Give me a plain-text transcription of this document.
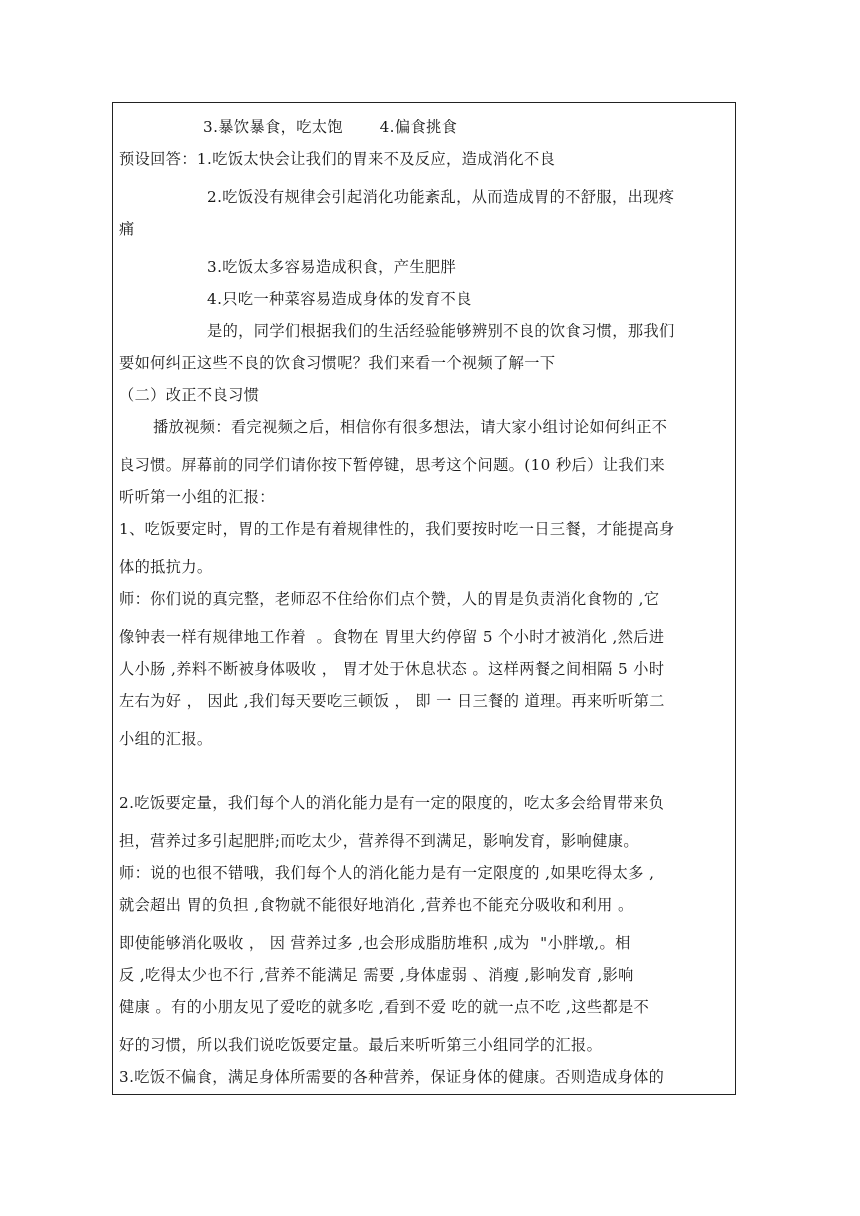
3.暴饮暴食，吃太饱       4.偏食挑食
预设回答：1.吃饭太快会让我们的胃来不及反应，造成消化不良
2.吃饭没有规律会引起消化功能紊乱，从而造成胃的不舒服，出现疼
痛
3.吃饭太多容易造成积食，产生肥胖
4.只吃一种菜容易造成身体的发育不良
是的，同学们根据我们的生活经验能够辨别不良的饮食习惯，那我们
要如何纠正这些不良的饮食习惯呢？我们来看一个视频了解一下
（二）改正不良习惯
播放视频：看完视频之后，相信你有很多想法，请大家小组讨论如何纠正不
良习惯。屏幕前的同学们请你按下暂停键，思考这个问题。(10 秒后）让我们来
听听第一小组的汇报：
1、吃饭要定时，胃的工作是有着规律性的，我们要按时吃一日三餐，才能提高身
体的抵抗力。
师：你们说的真完整，老师忍不住给你们点个赞，人的胃是负责消化食物的 ,它
像钟表一样有规律地工作着  。食物在 胃里大约停留 5 个小时才被消化 ,然后进
人小肠 ,养料不断被身体吸收 ， 胃才处于休息状态 。这样两餐之间相隔 5 小时
左右为好 ， 因此 ,我们每天要吃三顿饭 ， 即 一 日三餐的 道理。再来听听第二
小组的汇报。
2.吃饭要定量，我们每个人的消化能力是有一定的限度的，吃太多会给胃带来负
担，营养过多引起肥胖;而吃太少，营养得不到满足，影响发育，影响健康。
师：说的也很不错哦，我们每个人的消化能力是有一定限度的 ,如果吃得太多 ,
就会超出 胃的负担 ,食物就不能很好地消化 ,营养也不能充分吸收和利用 。
即使能够消化吸收 ， 因 营养过多 ,也会形成脂肪堆积 ,成为  "小胖墩,。相
反 ,吃得太少也不行 ,营养不能满足 需要 ,身体虚弱 、消瘦 ,影响发育 ,影响
健康 。有的小朋友见了爱吃的就多吃 ,看到不爱 吃的就一点不吃 ,这些都是不
好的习惯，所以我们说吃饭要定量。最后来听听第三小组同学的汇报。
3.吃饭不偏食，满足身体所需要的各种营养，保证身体的健康。否则造成身体的
